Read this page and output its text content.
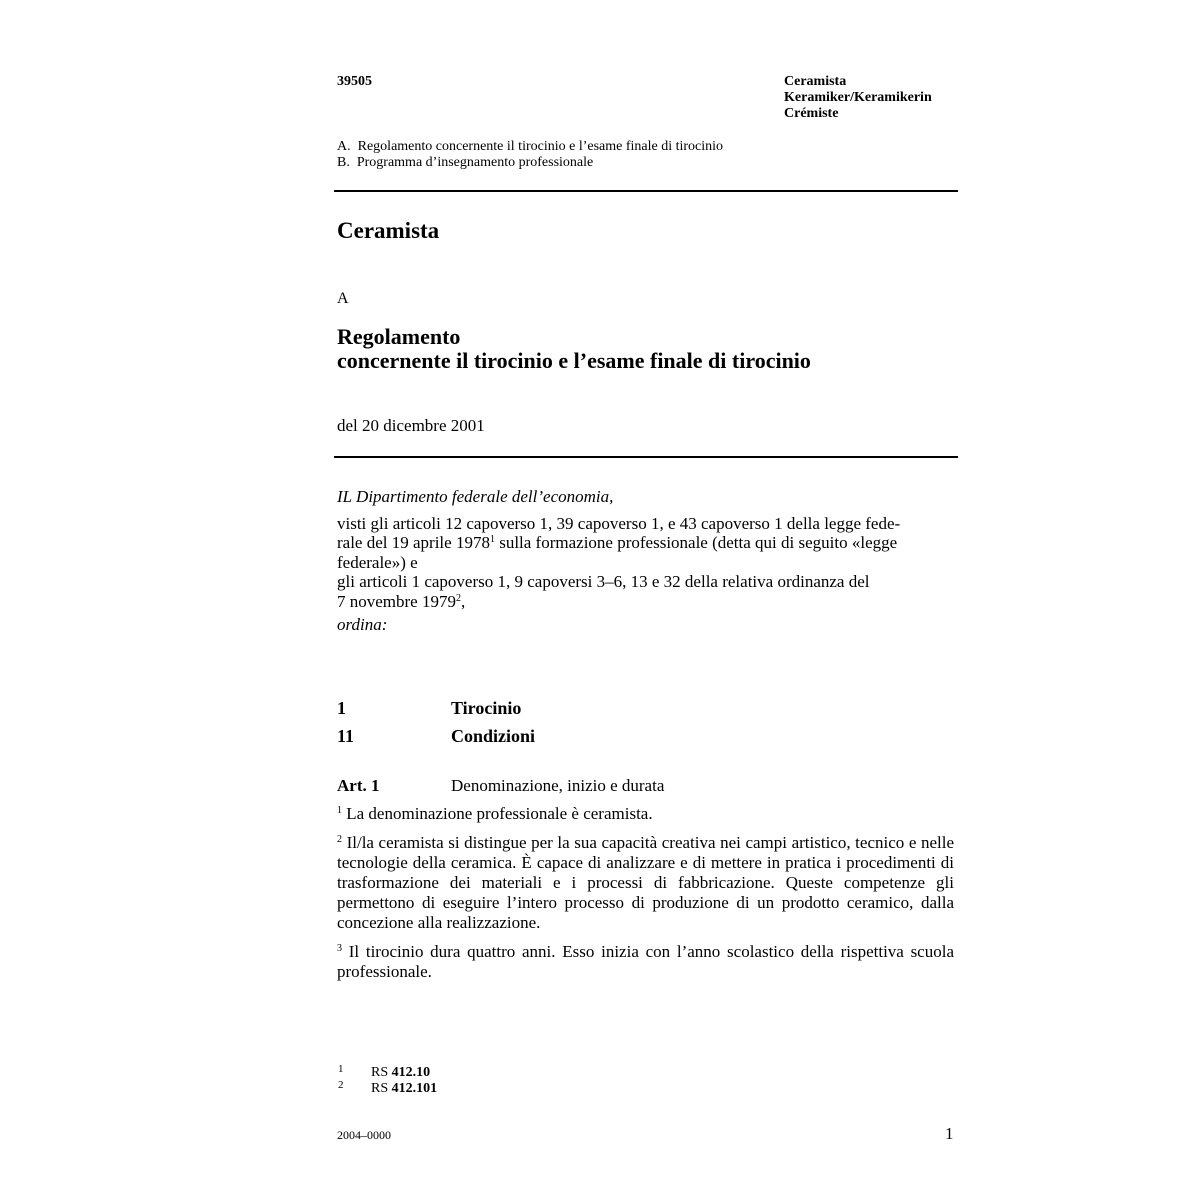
39505	Ceramista
Keramiker/Keramikerin
Crémiste
A. Regolamento concernente il tirocinio e l’esame finale di tirocinio
B. Programma d’insegnamento professionale
Ceramista
A
Regolamento
concernente il tirocinio e l’esame finale di tirocinio
del 20 dicembre 2001
IL Dipartimento federale dell’economia,
visti gli articoli 12 capoverso 1, 39 capoverso 1, e 43 capoverso 1 della legge fede-
rale del 19 aprile 1978$^1$ sulla formazione professionale (detta qui di seguito «legge
federale») e
gli articoli 1 capoverso 1, 9 capoversi 3–6, 13 e 32 della relativa ordinanza del
7 novembre 1979$^2$,
ordina:
1	Tirocinio
11	Condizioni
Art. 1	Denominazione, inizio e durata
$^1$ La denominazione professionale è ceramista.
$^2$ Il/la ceramista si distingue per la sua capacità creativa nei campi artistico, tecnico e nelle tecnologie della ceramica. È capace di analizzare e di mettere in pratica i procedimenti di trasformazione dei materiali e i processi di fabbricazione. Queste competenze gli permettono di eseguire l’intero processo di produzione di un prodotto ceramico, dalla concezione alla realizzazione.
$^3$ Il tirocinio dura quattro anni. Esso inizia con l’anno scolastico della rispettiva scuola professionale.
1 RS 412.10
2 RS 412.101
2004–0000	1
